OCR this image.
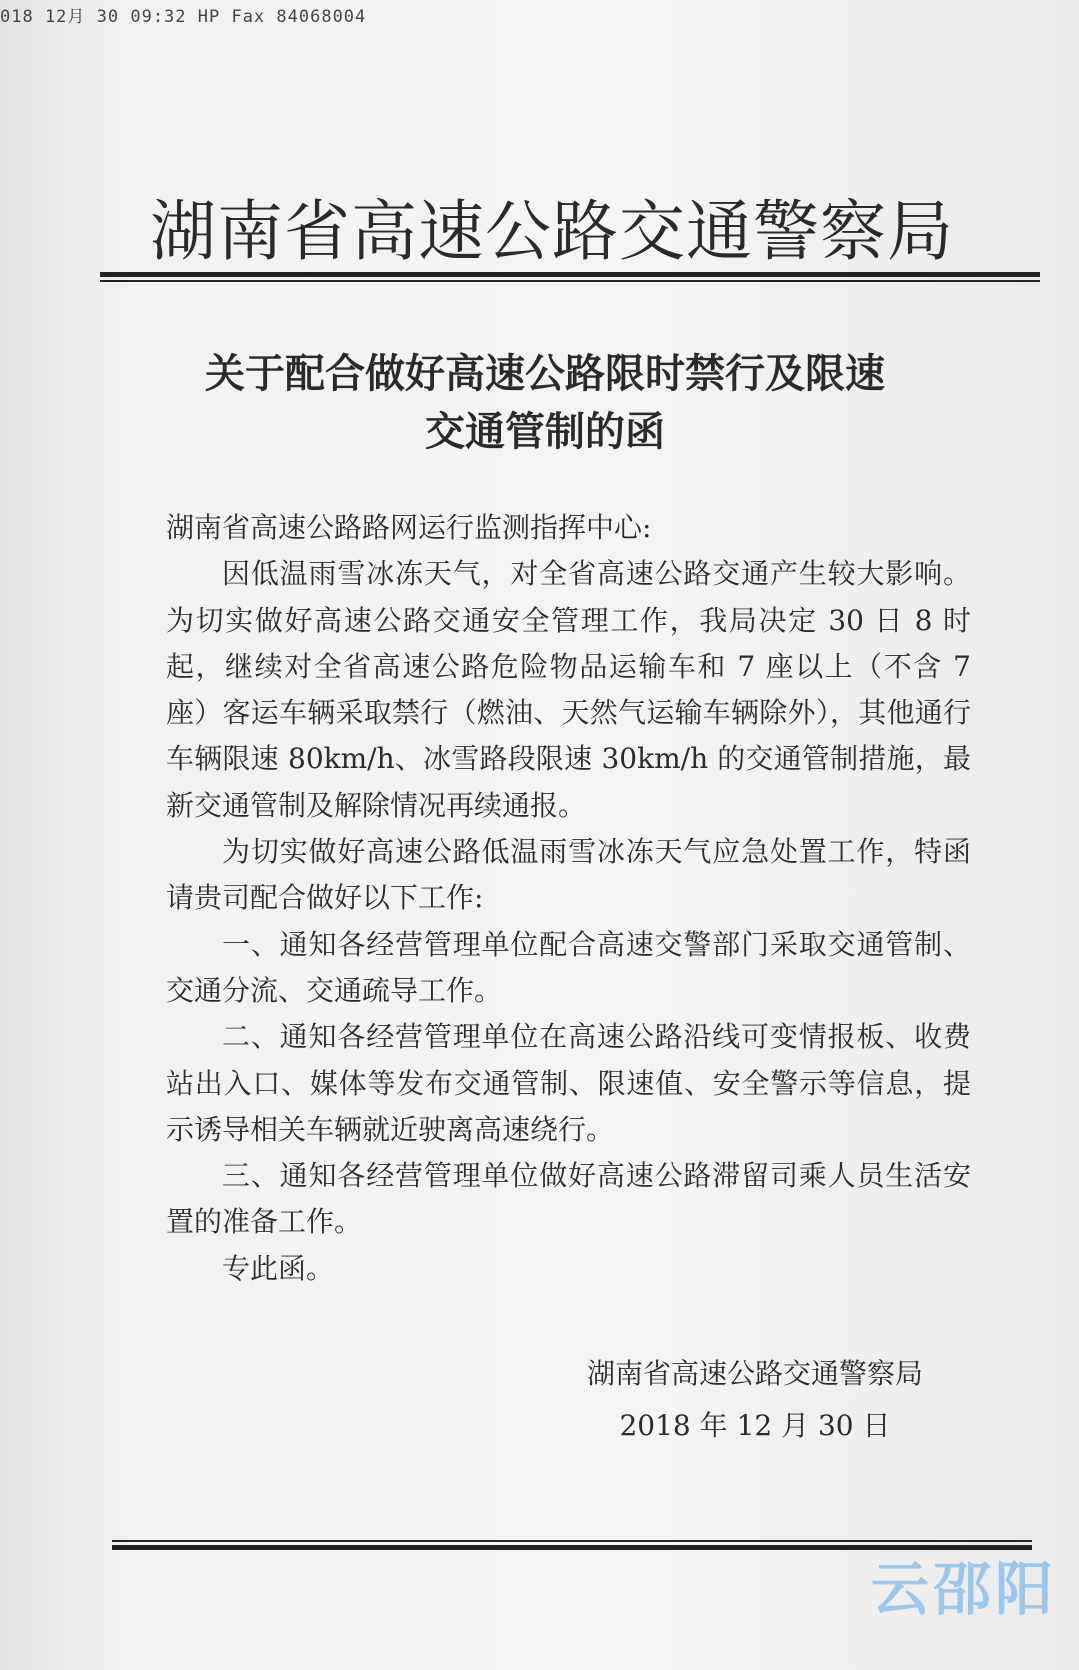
018 12月 30 09:32 HP Fax 84068004
湖南省高速公路交通警察局
关于配合做好高速公路限时禁行及限速
交通管制的函

湖南省高速公路路网运行监测指挥中心:

因低温雨雪冰冻天气，对全省高速公路交通产生较大影响。为切实做好高速公路交通安全管理工作，我局决定 30 日 8 时起，继续对全省高速公路危险物品运输车和 7 座以上（不含 7 座）客运车辆采取禁行（燃油、天然气运输车辆除外），其他通行车辆限速 80km/h、冰雪路段限速 30km/h 的交通管制措施，最新交通管制及解除情况再续通报。

为切实做好高速公路低温雨雪冰冻天气应急处置工作，特函请贵司配合做好以下工作:

一、通知各经营管理单位配合高速交警部门采取交通管制、交通分流、交通疏导工作。

二、通知各经营管理单位在高速公路沿线可变情报板、收费站出入口、媒体等发布交通管制、限速值、安全警示等信息，提示诱导相关车辆就近驶离高速绕行。

三、通知各经营管理单位做好高速公路滞留司乘人员生活安置的准备工作。

专此函。

湖南省高速公路交通警察局
2018 年 12 月 30 日
云邵阳
